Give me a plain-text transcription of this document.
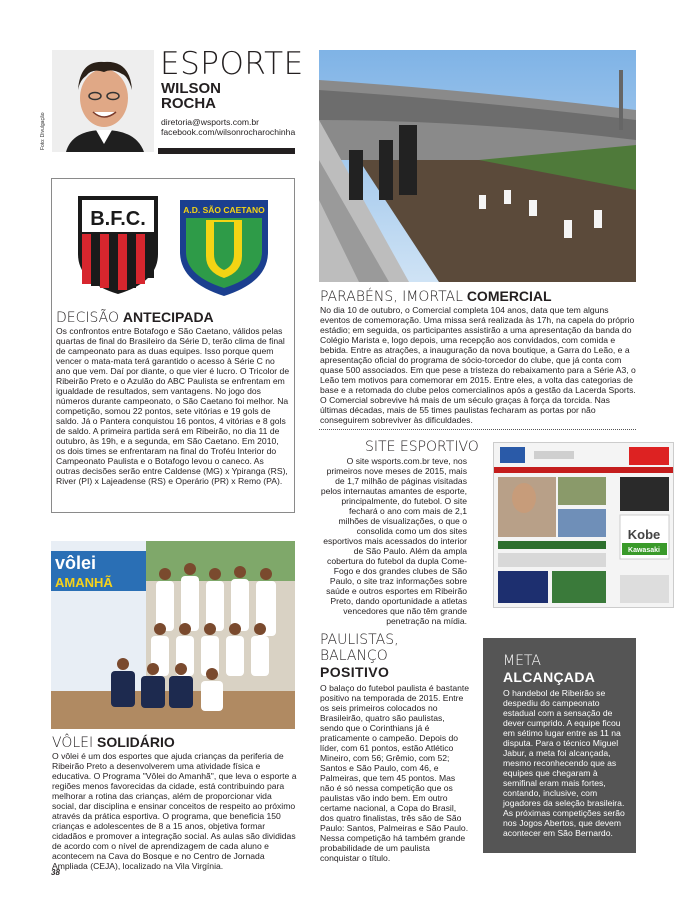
Foto: Divulgação
ESPORTE
WILSON
ROCHA
diretoria@wsports.com.br
facebook.com/wilsonrocharochinha
B.F.C.	A.D. SÃO CAETANO
DECISÃO ANTECIPADA
Os confrontos entre Botafogo e São Caetano, válidos pelas quartas de final do Brasileiro da Série D, terão clima de final de campeonato para as duas equipes. Isso porque quem vencer o mata-mata terá garantido o acesso à Série C no ano que vem. Daí por diante, o que vier é lucro. O Tricolor de Ribeirão Preto e o Azulão do ABC Paulista se enfrentam em igualdade de resultados, sem vantagens. No jogo dos números durante campeonato, o São Caetano foi melhor. Na competição, somou 22 pontos, sete vitórias e 19 gols de saldo. Já o Pantera conquistou 16 pontos, 4 vitórias e 8 gols de saldo. A primeira partida será em Ribeirão, no dia 11 de outubro, às 19h, e a segunda, em São Caetano. Em 2010, os dois times se enfrentaram na final do Troféu Interior do Campeonato Paulista e o Botafogo levou o caneco. As outras decisões serão entre Caldense (MG) x Ypiranga (RS), River (PI) x Lajeadense (RS) e Operário (PR) x Remo (PA).
PARABÉNS, IMORTAL COMERCIAL
No dia 10 de outubro, o Comercial completa 104 anos, data que tem alguns eventos de comemoração. Uma missa será realizada às 17h, na capela do próprio estádio; em seguida, os participantes assistirão a uma apresentação da banda do Colégio Marista e, logo depois, uma recepção aos convidados, com comida e bebida. Entre as atrações, a inauguração da nova boutique, a Garra do Leão, e a apresentação oficial do programa de sócio-torcedor do clube, que já conta com quase 500 associados. Em que pese a tristeza do rebaixamento para a Série A3, o Leão tem motivos para comemorar em 2015. Entre eles, a volta das categorias de base e a retomada do clube pelos comercialinos após a gestão da Lacerda Sports. O Comercial sobrevive há mais de um século graças à força da torcida. Nas últimas décadas, mais de 55 times paulistas fecharam as portas por não conseguirem sobreviver às dificuldades.
SITE ESPORTIVO
O site wsports.com.br teve, nos primeiros nove meses de 2015, mais de 1,7 milhão de páginas visitadas pelos internautas amantes de esporte, principalmente, do futebol. O site fechará o ano com mais de 2,1 milhões de visualizações, o que o consolida como um dos sites esportivos mais acessados do interior de São Paulo. Além da ampla cobertura do futebol da dupla Come-Fogo e dos grandes clubes de São Paulo, o site traz informações sobre saúde e outros esportes em Ribeirão Preto, dando oportunidade a atletas vencedores que não têm grande penetração na mídia.
Kobe
Kawasaki
vôlei
AMANHÃ
VÔLEI SOLIDÁRIO
O vôlei é um dos esportes que ajuda crianças da periferia de Ribeirão Preto a desenvolverem uma atividade física e educativa. O Programa "Vôlei do Amanhã", que leva o esporte a regiões menos favorecidas da cidade, está contribuindo para melhorar a rotina das crianças, além de proporcionar vida social, dar disciplina e ensinar conceitos de respeito ao próximo através da prática esportiva. O programa, que beneficia 150 crianças e adolescentes de 8 a 15 anos, objetiva formar cidadãos e promover a integração social. As aulas são divididas de acordo com o nível de aprendizagem de cada aluno e acontecem na Cava do Bosque e no Centro de Jornada Ampliada (CEJA), localizado na Vila Virgínia.
PAULISTAS,
BALANÇO
POSITIVO
O balaço do futebol paulista é bastante positivo na temporada de 2015. Entre os seis primeiros colocados no Brasileirão, quatro são paulistas, sendo que o Corinthians já é praticamente o campeão. Depois do líder, com 61 pontos, estão Atlético Mineiro, com 56; Grêmio, com 52; Santos e São Paulo, com 46, e Palmeiras, que tem 45 pontos. Mas não é só nessa competição que os paulistas vão indo bem. Em outro certame nacional, a Copa do Brasil, dos quatro finalistas, três são de São Paulo: Santos, Palmeiras e São Paulo. Nessa competição há também grande probabilidade de um paulista conquistar o título.
META
ALCANÇADA
O handebol de Ribeirão se despediu do campeonato estadual com a sensação de dever cumprido. A equipe ficou em sétimo lugar entre as 11 na disputa. Para o técnico Miguel Jabur, a meta foi alcançada, mesmo reconhecendo que as equipes que chegaram à semifinal eram mais fortes, contando, inclusive, com jogadores da seleção brasileira. As próximas competições serão nos Jogos Abertos, que devem acontecer em São Bernardo.
38
